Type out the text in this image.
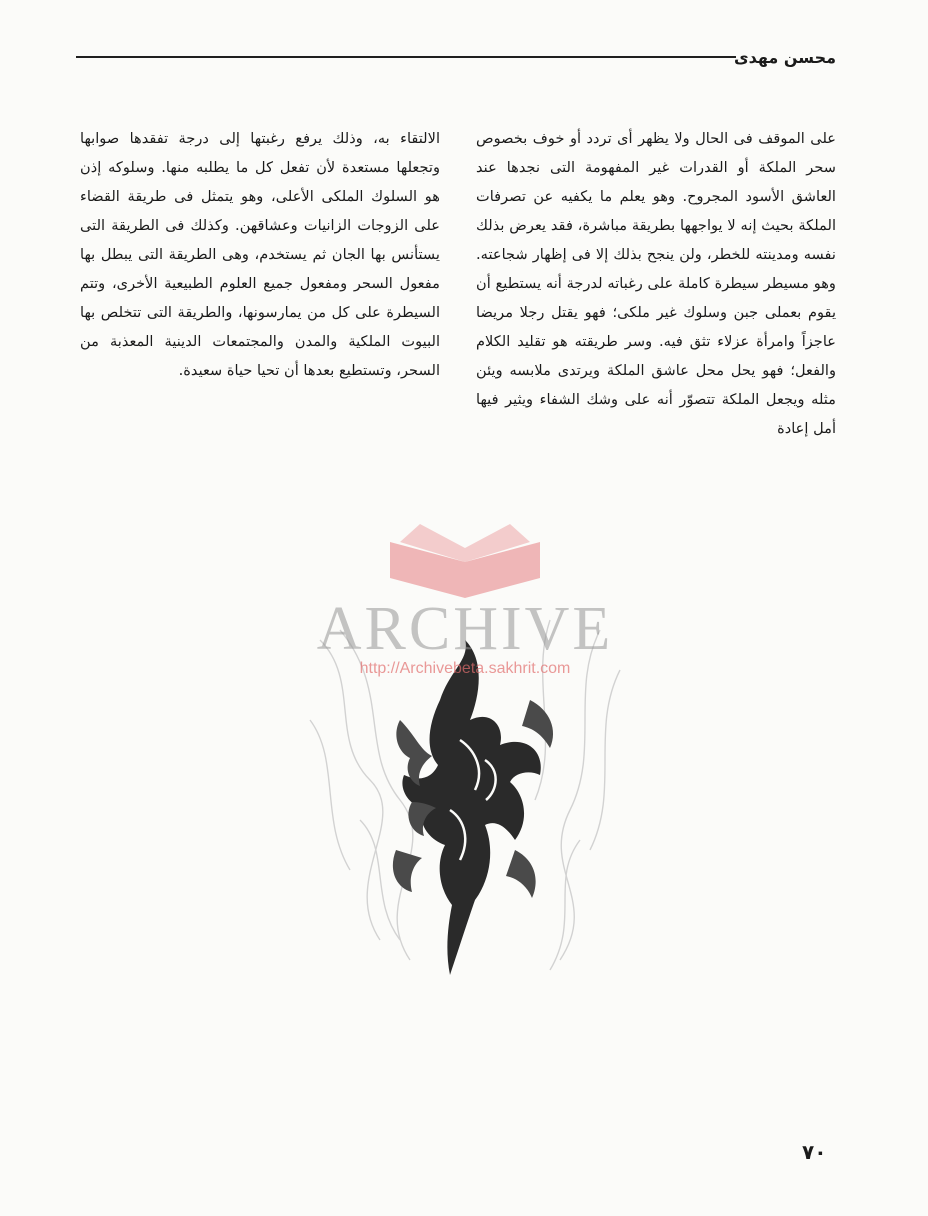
محسن مهدى

على الموقف فى الحال ولا يظهر أى تردد أو خوف بخصوص سحر الملكة أو القدرات غير المفهومة التى نجدها عند العاشق الأسود المجروح. وهو يعلم ما يكفيه عن تصرفات الملكة بحيث إنه لا يواجهها بطريقة مباشرة، فقد يعرض بذلك نفسه ومدينته للخطر، ولن ينجح بذلك إلا فى إظهار شجاعته. وهو مسيطر سيطرة كاملة على رغباته لدرجة أنه يستطيع أن يقوم بعملى جبن وسلوك غير ملكى؛ فهو يقتل رجلا مريضا عاجزاً وامرأة عزلاء تثق فيه. وسر طريقته هو تقليد الكلام والفعل؛ فهو يحل محل عاشق الملكة ويرتدى ملابسه ويئن مثله ويجعل الملكة تتصوّر أنه على وشك الشفاء ويثير فيها أمل إعادة

الالتقاء به، وذلك يرفع رغبتها إلى درجة تفقدها صوابها وتجعلها مستعدة لأن تفعل كل ما يطلبه منها. وسلوكه إذن هو السلوك الملكى الأعلى، وهو يتمثل فى طريقة القضاء على الزوجات الزانيات وعشاقهن. وكذلك فى الطريقة التى يستأنس بها الجان ثم يستخدم، وهى الطريقة التى يبطل بها مفعول السحر ومفعول جميع العلوم الطبيعية الأخرى، وتتم السيطرة على كل من يمارسونها، والطريقة التى تتخلص بها البيوت الملكية والمدن والمجتمعات الدينية المعذبة من السحر، وتستطيع بعدها أن تحيا حياة سعيدة.

ARCHIVE
http://Archivebeta.sakhrit.com
٧٠
